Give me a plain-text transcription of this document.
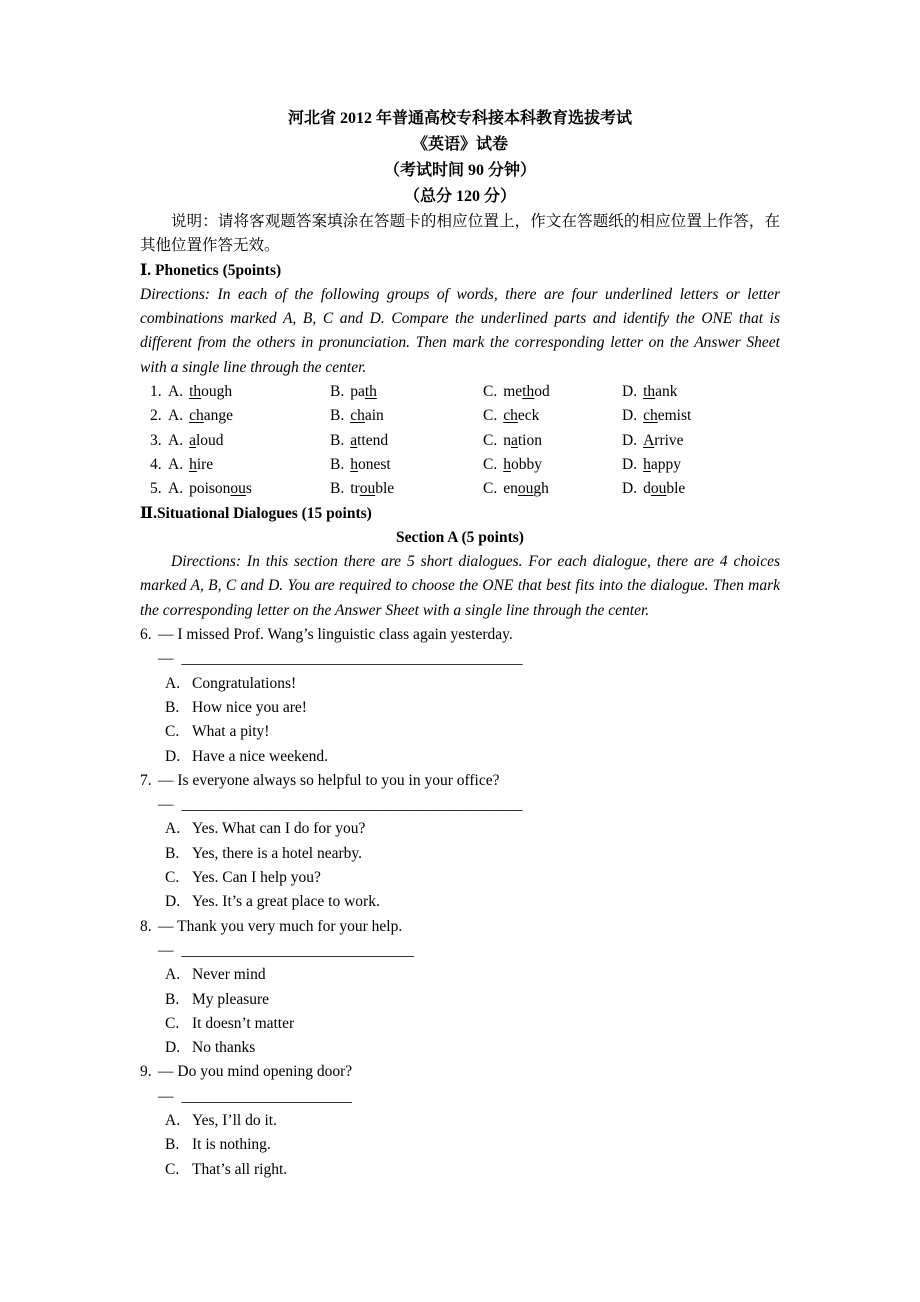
河北省 2012 年普通高校专科接本科教育选拔考试
《英语》试卷
（考试时间 90 分钟）
（总分 120 分）

说明：请将客观题答案填涂在答题卡的相应位置上，作文在答题纸的相应位置上作答，在其他位置作答无效。

Ⅰ. Phonetics (5points)

Directions: In each of the following groups of words, there are four underlined letters or letter combinations marked A, B, C and D. Compare the underlined parts and identify the ONE that is different from the others in pronunciation. Then mark the corresponding letter on the Answer Sheet with a single line through the center.

1. A. though	B. path	C. method	D. thank
2. A. change	B. chain	C. check	D. chemist
3. A. aloud	B. attend	C. nation	D. Arrive
4. A. hire	B. honest	C. hobby	D. happy
5. A. poisonous	B. trouble	C. enough	D. double
Ⅱ.Situational Dialogues (15 points)
Section A (5 points)

Directions: In this section there are 5 short dialogues. For each dialogue, there are 4 choices marked A, B, C and D. You are required to choose the ONE that best fits into the dialogue. Then mark the corresponding letter on the Answer Sheet with a single line through the center.

6. — I missed Prof. Wang’s linguistic class again yesterday.
— ____________________________________________
A. Congratulations!
B. How nice you are!
C. What a pity!
D. Have a nice weekend.
7. — Is everyone always so helpful to you in your office?
— ____________________________________________
A. Yes. What can I do for you?
B. Yes, there is a hotel nearby.
C. Yes. Can I help you?
D. Yes. It’s a great place to work.
8. — Thank you very much for your help.
— ______________________________
A. Never mind
B. My pleasure
C. It doesn’t matter
D. No thanks
9. — Do you mind opening door?
— ______________________
A. Yes, I’ll do it.
B. It is nothing.
C. That’s all right.
